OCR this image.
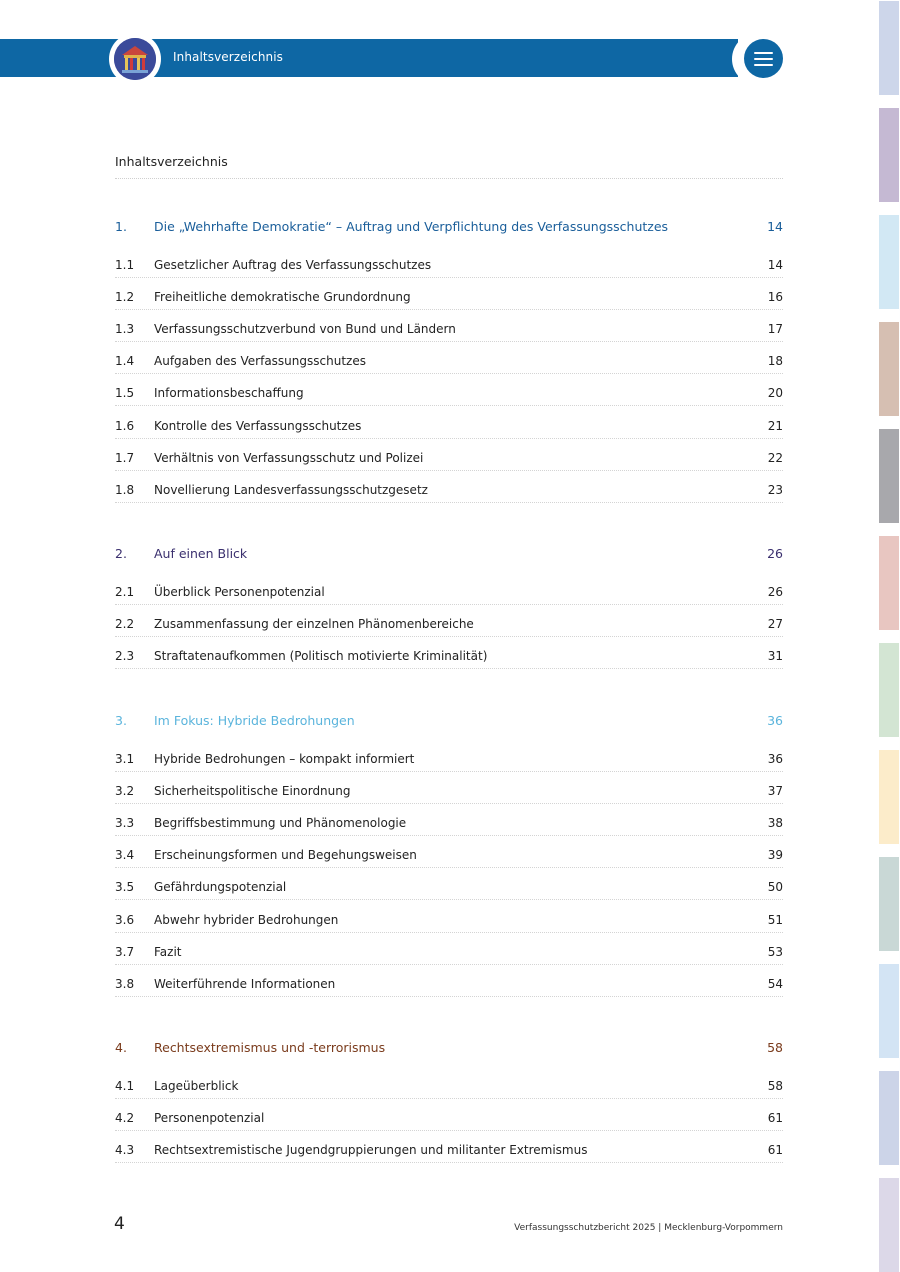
Inhaltsverzeichnis
Inhaltsverzeichnis
1. Die „Wehrhafte Demokratie“ – Auftrag und Verpflichtung des Verfassungsschutzes	14
1.1 Gesetzlicher Auftrag des Verfassungsschutzes	14
1.2 Freiheitliche demokratische Grundordnung	16
1.3 Verfassungsschutzverbund von Bund und Ländern	17
1.4 Aufgaben des Verfassungsschutzes	18
1.5 Informationsbeschaffung	20
1.6 Kontrolle des Verfassungsschutzes	21
1.7 Verhältnis von Verfassungsschutz und Polizei	22
1.8 Novellierung Landesverfassungsschutzgesetz	23
2. Auf einen Blick	26
2.1 Überblick Personenpotenzial	26
2.2 Zusammenfassung der einzelnen Phänomenbereiche	27
2.3 Straftatenaufkommen (Politisch motivierte Kriminalität)	31
3. Im Fokus: Hybride Bedrohungen	36
3.1 Hybride Bedrohungen – kompakt informiert	36
3.2 Sicherheitspolitische Einordnung	37
3.3 Begriffsbestimmung und Phänomenologie	38
3.4 Erscheinungsformen und Begehungsweisen	39
3.5 Gefährdungspotenzial	50
3.6 Abwehr hybrider Bedrohungen	51
3.7 Fazit	53
3.8 Weiterführende Informationen	54
4. Rechtsextremismus und -terrorismus	58
4.1 Lageüberblick	58
4.2 Personenpotenzial	61
4.3 Rechtsextremistische Jugendgruppierungen und militanter Extremismus	61
4	Verfassungsschutzbericht 2025 | Mecklenburg-Vorpommern
